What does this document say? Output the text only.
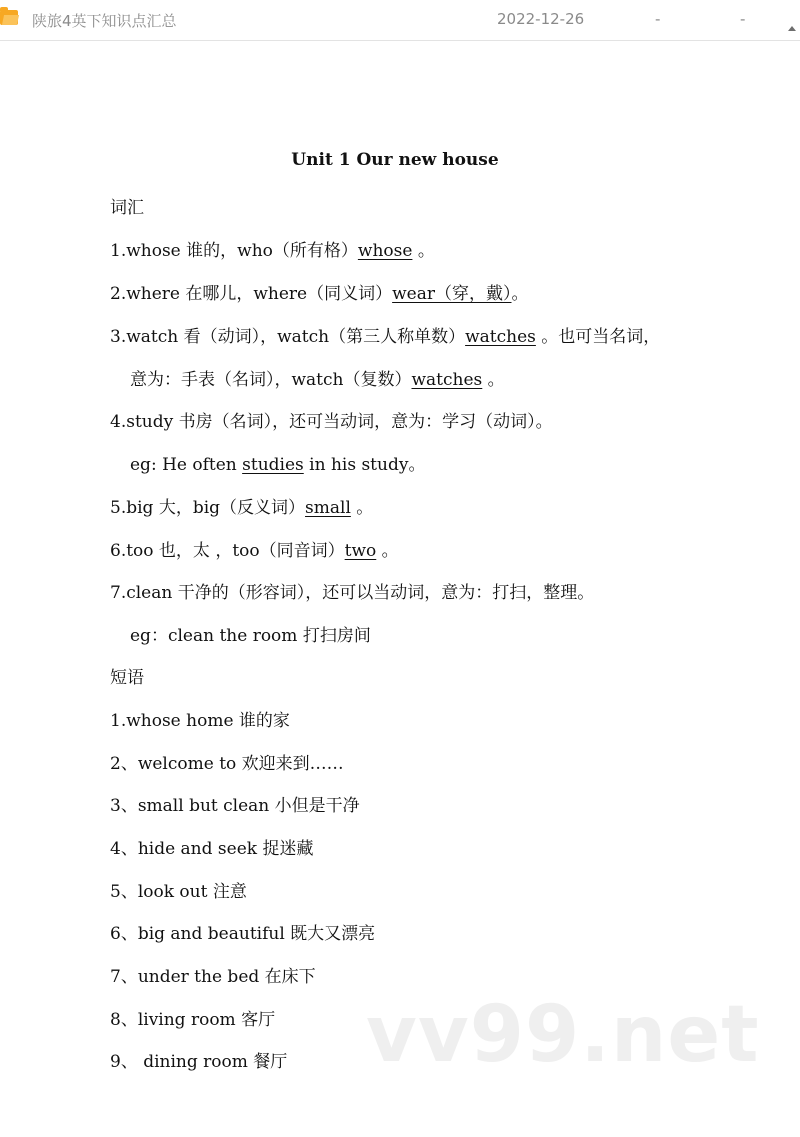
陕旅4英下知识点汇总	2022-12-26	-	-
Unit 1 Our new house
词汇
1.whose 谁的，who（所有格）whose 。
2.where 在哪儿，where（同义词）wear（穿，戴）。
3.watch 看（动词），watch（第三人称单数）watches 。也可当名词，
意为：手表（名词），watch（复数）watches 。
4.study 书房（名词），还可当动词，意为：学习（动词）。
eg: He often studies in his study。
5.big 大，big（反义词）small 。
6.too 也，太 ，too（同音词）two 。
7.clean 干净的（形容词），还可以当动词，意为：打扫，整理。
eg：clean the room 打扫房间
短语
1.whose home 谁的家
2、welcome to 欢迎来到……
3、small but clean 小但是干净
4、hide and seek 捉迷藏
5、look out 注意
6、big and beautiful 既大又漂亮
7、under the bed 在床下
8、living room 客厅
9、 dining room 餐厅 vv99.net
